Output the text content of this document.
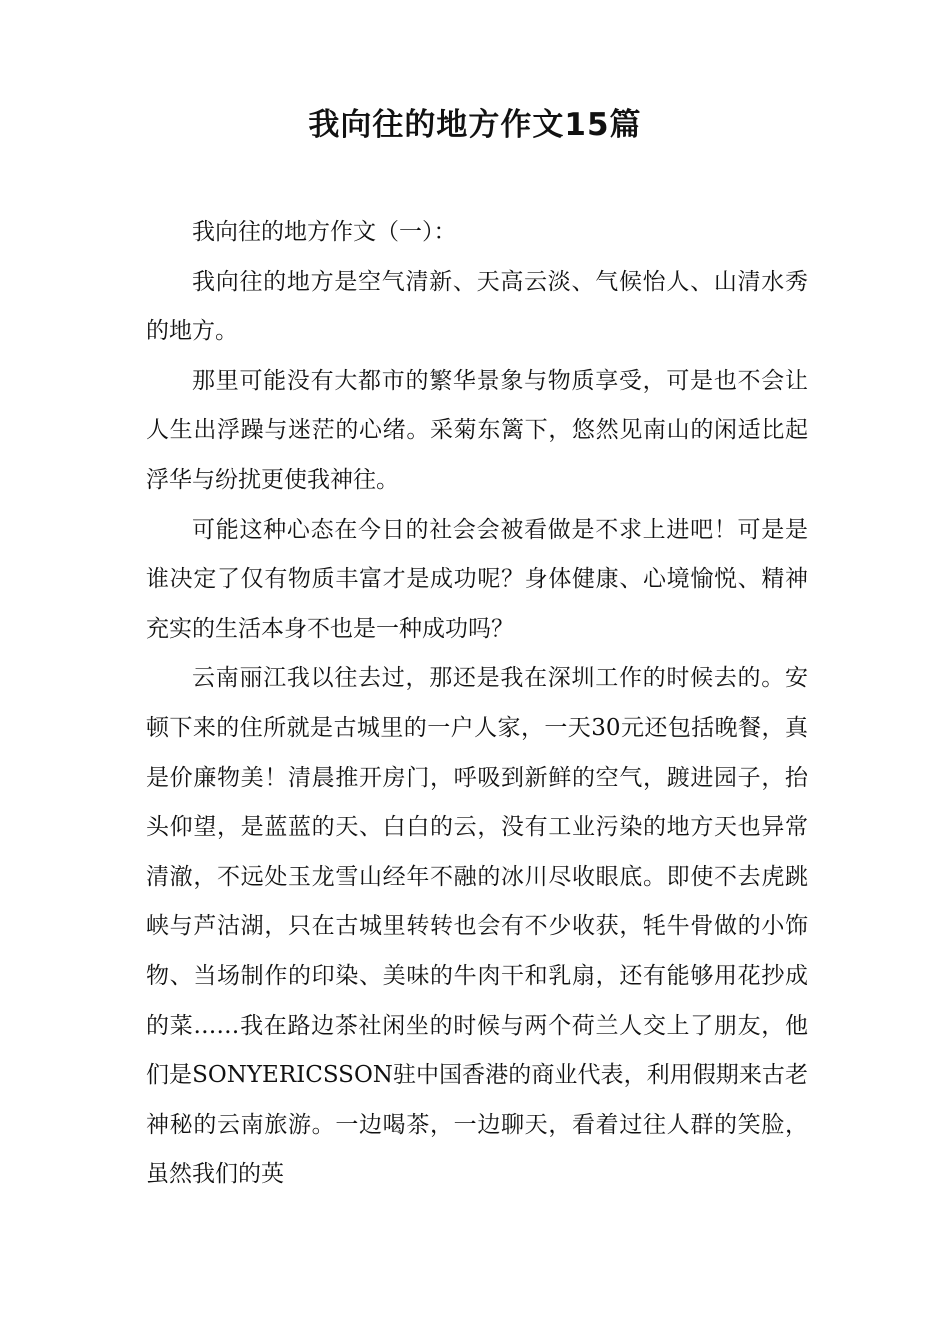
我向往的地方作文15篇

我向往的地方作文（一）：

我向往的地方是空气清新、天高云淡、气候怡人、山清水秀的地方。

那里可能没有大都市的繁华景象与物质享受，可是也不会让人生出浮躁与迷茫的心绪。采菊东篱下，悠然见南山的闲适比起浮华与纷扰更使我神往。

可能这种心态在今日的社会会被看做是不求上进吧！可是是谁决定了仅有物质丰富才是成功呢？身体健康、心境愉悦、精神充实的生活本身不也是一种成功吗？

云南丽江我以往去过，那还是我在深圳工作的时候去的。安顿下来的住所就是古城里的一户人家，一天30元还包括晚餐，真是价廉物美！清晨推开房门，呼吸到新鲜的空气，踱进园子，抬头仰望，是蓝蓝的天、白白的云，没有工业污染的地方天也异常清澈，不远处玉龙雪山经年不融的冰川尽收眼底。即使不去虎跳峡与芦沽湖，只在古城里转转也会有不少收获，牦牛骨做的小饰物、当场制作的印染、美味的牛肉干和乳扇，还有能够用花抄成的菜……我在路边茶社闲坐的时候与两个荷兰人交上了朋友，他们是SONYERICSSON驻中国香港的商业代表，利用假期来古老神秘的云南旅游。一边喝茶，一边聊天，看着过往人群的笑脸，虽然我们的英
